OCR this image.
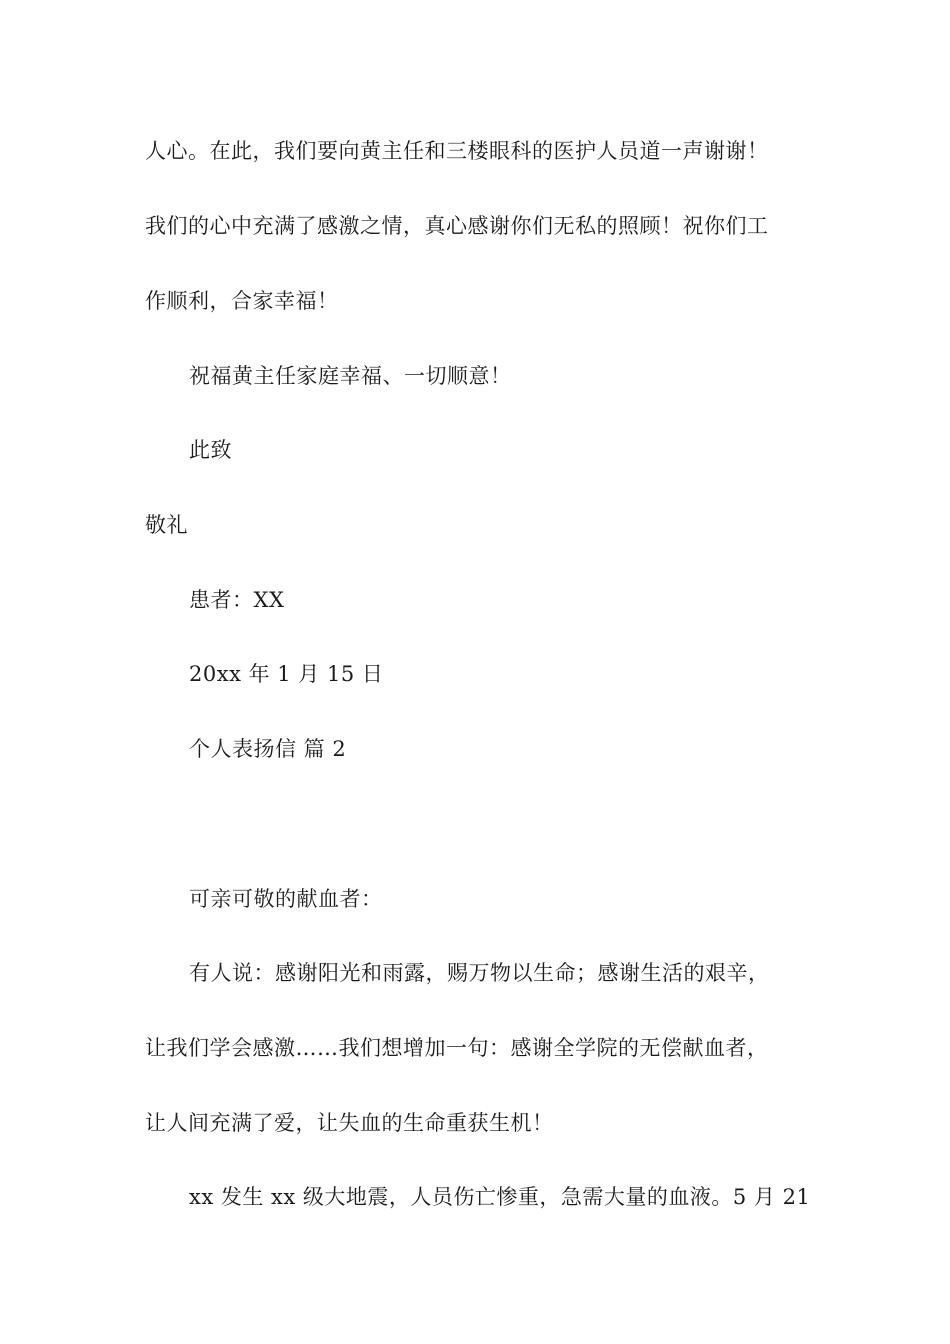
人心。在此，我们要向黄主任和三楼眼科的医护人员道一声谢谢！
我们的心中充满了感激之情，真心感谢你们无私的照顾！祝你们工
作顺利，合家幸福！
祝福黄主任家庭幸福、一切顺意！
此致
敬礼
患者：XX
20xx 年 1 月 15 日
个人表扬信 篇 2
可亲可敬的献血者：
有人说：感谢阳光和雨露，赐万物以生命；感谢生活的艰辛，
让我们学会感激……我们想增加一句：感谢全学院的无偿献血者，
让人间充满了爱，让失血的生命重获生机！
xx 发生 xx 级大地震，人员伤亡惨重，急需大量的血液。5 月 21
